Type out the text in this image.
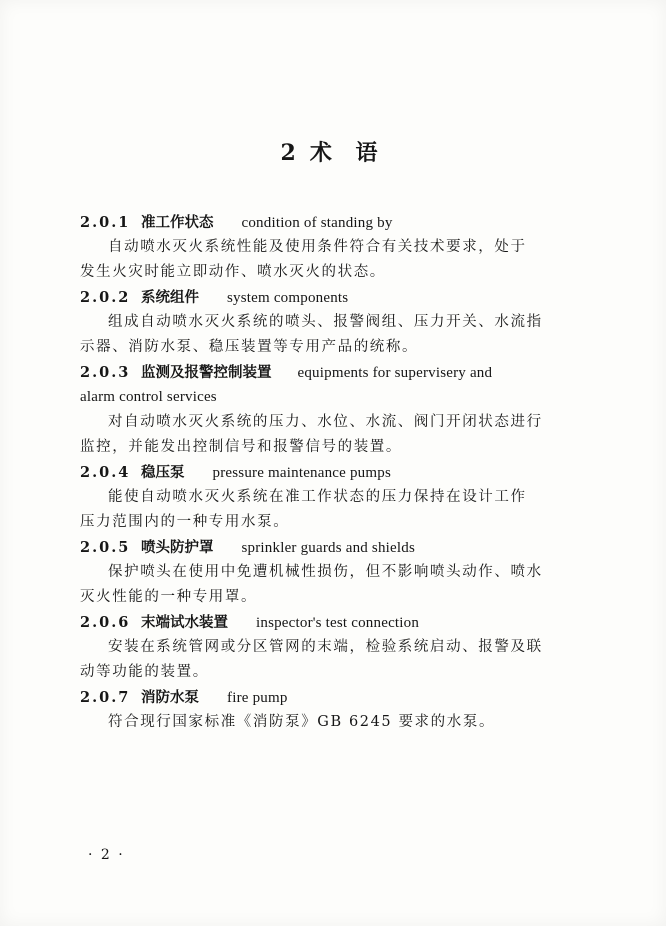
2 术 语
2.0.1 准工作状态 condition of standing by
自动喷水灭火系统性能及使用条件符合有关技术要求，处于
发生火灾时能立即动作、喷水灭火的状态。
2.0.2 系统组件 system components
组成自动喷水灭火系统的喷头、报警阀组、压力开关、水流指
示器、消防水泵、稳压装置等专用产品的统称。
2.0.3 监测及报警控制装置 equipments for supervisery and
alarm control services
对自动喷水灭火系统的压力、水位、水流、阀门开闭状态进行
监控，并能发出控制信号和报警信号的装置。
2.0.4 稳压泵 pressure maintenance pumps
能使自动喷水灭火系统在准工作状态的压力保持在设计工作
压力范围内的一种专用水泵。
2.0.5 喷头防护罩 sprinkler guards and shields
保护喷头在使用中免遭机械性损伤，但不影响喷头动作、喷水
灭火性能的一种专用罩。
2.0.6 末端试水装置 inspector's test connection
安装在系统管网或分区管网的末端，检验系统启动、报警及联
动等功能的装置。
2.0.7 消防水泵 fire pump
符合现行国家标准《消防泵》GB 6245 要求的水泵。
· 2 ·
